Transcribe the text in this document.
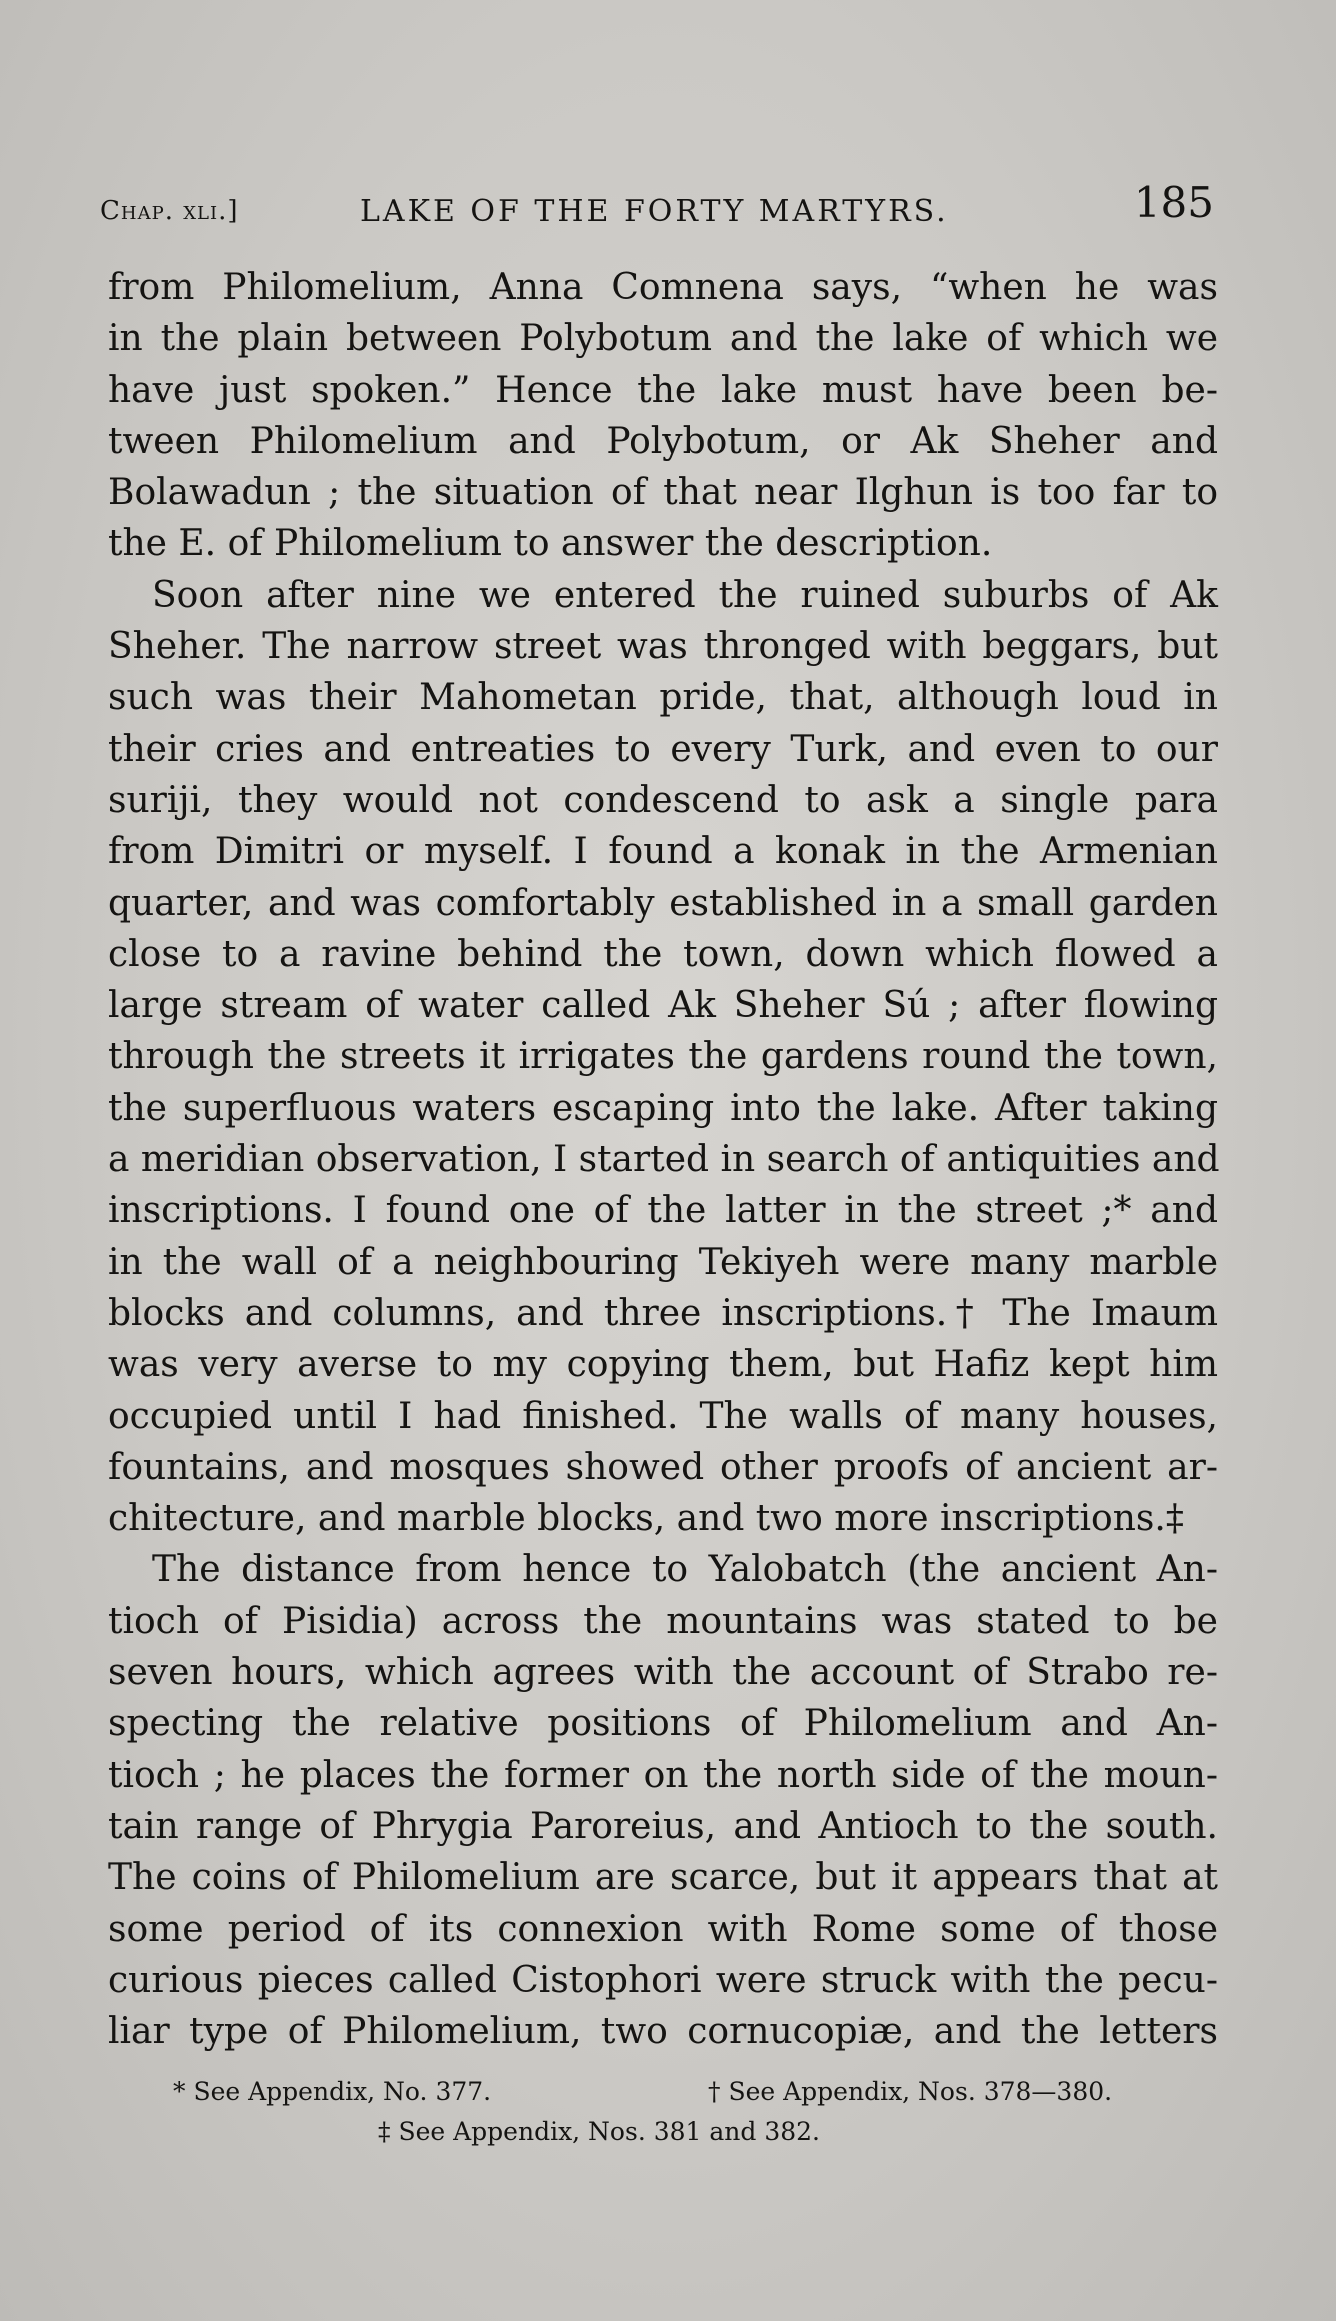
Chap. xli.]	LAKE OF THE FORTY MARTYRS.	185
from Philomelium, Anna Comnena says, “when he was
in the plain between Polybotum and the lake of which we
have just spoken.” Hence the lake must have been be-
tween Philomelium and Polybotum, or Ak Sheher and
Bolawadun ; the situation of that near Ilghun is too far to
the E. of Philomelium to answer the description.
Soon after nine we entered the ruined suburbs of Ak
Sheher. The narrow street was thronged with beggars, but
such was their Mahometan pride, that, although loud in
their cries and entreaties to every Turk, and even to our
suriji, they would not condescend to ask a single para
from Dimitri or myself. I found a konak in the Armenian
quarter, and was comfortably established in a small garden
close to a ravine behind the town, down which flowed a
large stream of water called Ak Sheher Sú ; after flowing
through the streets it irrigates the gardens round the town,
the superfluous waters escaping into the lake. After taking
a meridian observation, I started in search of antiquities and
inscriptions. I found one of the latter in the street ;* and
in the wall of a neighbouring Tekiyeh were many marble
blocks and columns, and three inscriptions.† The Imaum
was very averse to my copying them, but Hafiz kept him
occupied until I had finished. The walls of many houses,
fountains, and mosques showed other proofs of ancient ar-
chitecture, and marble blocks, and two more inscriptions.‡
The distance from hence to Yalobatch (the ancient An-
tioch of Pisidia) across the mountains was stated to be
seven hours, which agrees with the account of Strabo re-
specting the relative positions of Philomelium and An-
tioch ; he places the former on the north side of the moun-
tain range of Phrygia Paroreius, and Antioch to the south.
The coins of Philomelium are scarce, but it appears that at
some period of its connexion with Rome some of those
curious pieces called Cistophori were struck with the pecu-
liar type of Philomelium, two cornucopiæ, and the letters
* See Appendix, No. 377.	† See Appendix, Nos. 378—380.
‡ See Appendix, Nos. 381 and 382.
